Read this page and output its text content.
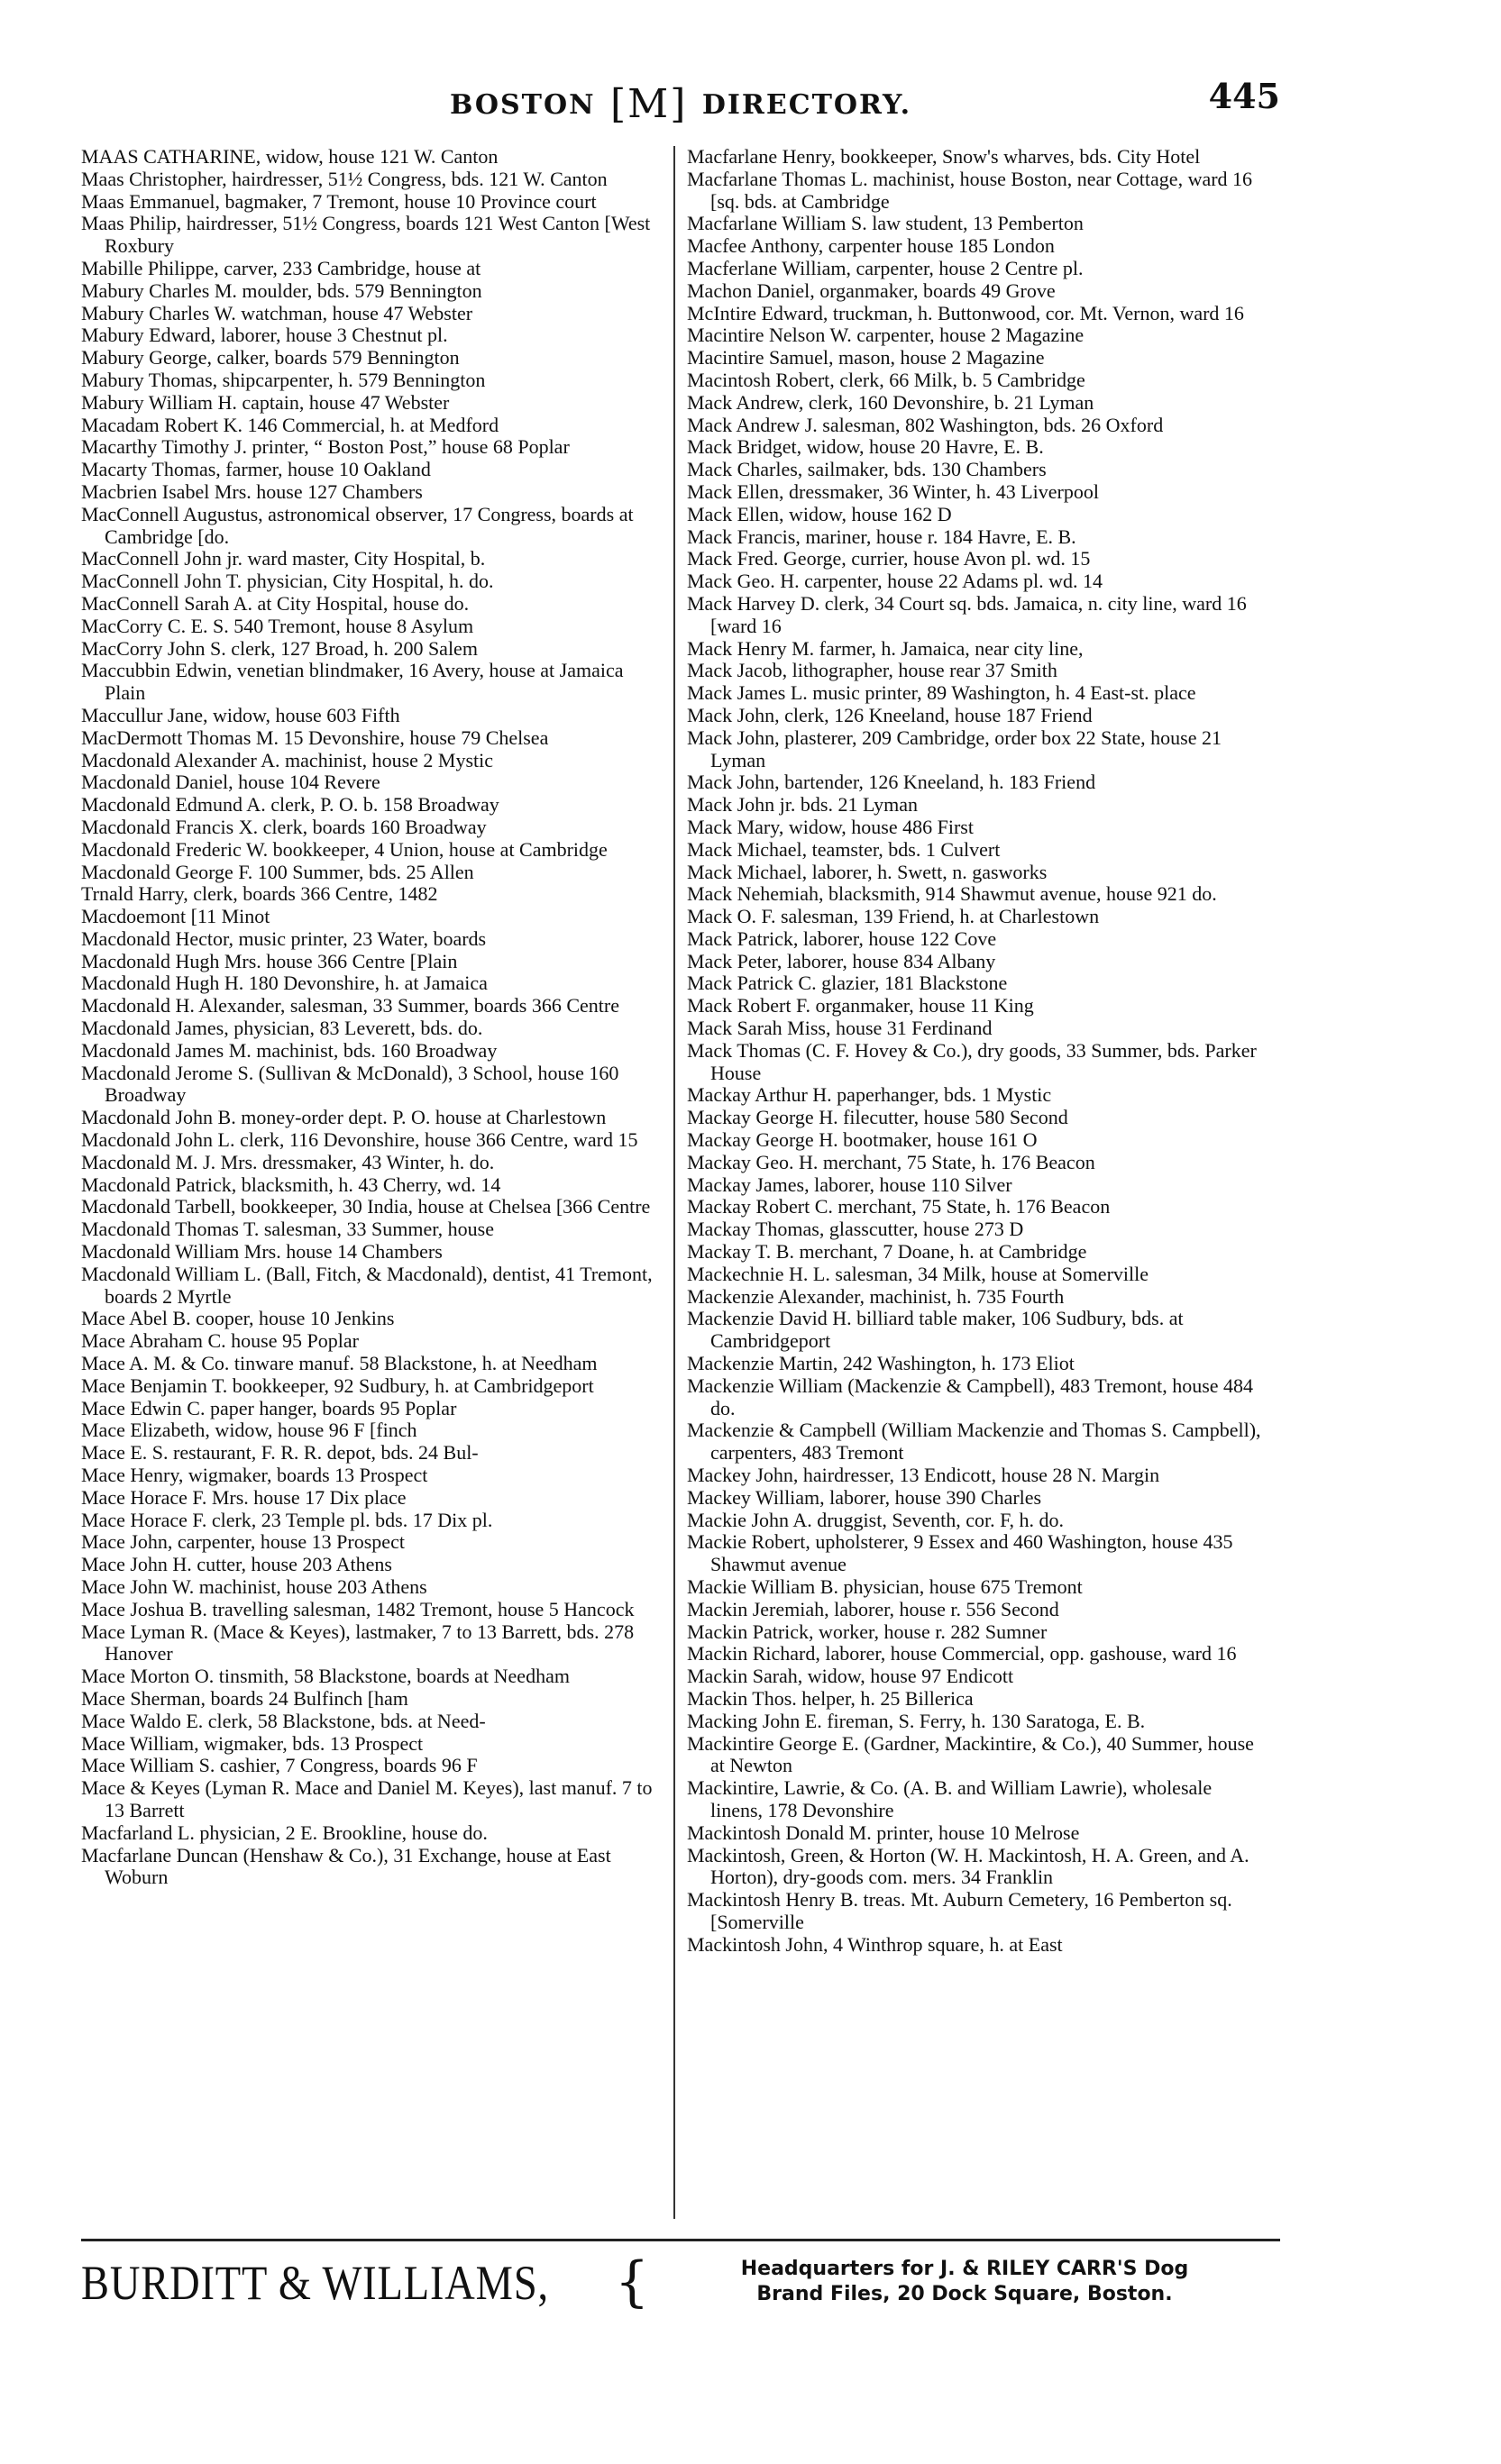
BOSTON [M] DIRECTORY.	445

MAAS CATHARINE, widow, house 121 W. Canton

Maas Christopher, hairdresser, 51½ Congress, bds. 121 W. Canton

Maas Emmanuel, bagmaker, 7 Tremont, house 10 Province court

Maas Philip, hairdresser, 51½ Congress, boards 121 West Canton [West Roxbury

Mabille Philippe, carver, 233 Cambridge, house at

Mabury Charles M. moulder, bds. 579 Bennington

Mabury Charles W. watchman, house 47 Webster

Mabury Edward, laborer, house 3 Chestnut pl.

Mabury George, calker, boards 579 Bennington

Mabury Thomas, shipcarpenter, h. 579 Bennington

Mabury William H. captain, house 47 Webster

Macadam Robert K. 146 Commercial, h. at Medford

Macarthy Timothy J. printer, “ Boston Post,” house 68 Poplar

Macarty Thomas, farmer, house 10 Oakland

Macbrien Isabel Mrs. house 127 Chambers

MacConnell Augustus, astronomical observer, 17 Congress, boards at Cambridge [do.

MacConnell John jr. ward master, City Hospital, b.

MacConnell John T. physician, City Hospital, h. do.

MacConnell Sarah A. at City Hospital, house do.

MacCorry C. E. S. 540 Tremont, house 8 Asylum

MacCorry John S. clerk, 127 Broad, h. 200 Salem

Maccubbin Edwin, venetian blindmaker, 16 Avery, house at Jamaica Plain

Maccullur Jane, widow, house 603 Fifth

MacDermott Thomas M. 15 Devonshire, house 79 Chelsea

Macdonald Alexander A. machinist, house 2 Mystic

Macdonald Daniel, house 104 Revere

Macdonald Edmund A. clerk, P. O. b. 158 Broadway

Macdonald Francis X. clerk, boards 160 Broadway

Macdonald Frederic W. bookkeeper, 4 Union, house at Cambridge

Macdonald George F. 100 Summer, bds. 25 Allen

Trnald Harry, clerk, boards 366 Centre, 1482

Macdoemont [11 Minot

Macdonald Hector, music printer, 23 Water, boards

Macdonald Hugh Mrs. house 366 Centre [Plain

Macdonald Hugh H. 180 Devonshire, h. at Jamaica

Macdonald H. Alexander, salesman, 33 Summer, boards 366 Centre

Macdonald James, physician, 83 Leverett, bds. do.

Macdonald James M. machinist, bds. 160 Broadway

Macdonald Jerome S. (Sullivan & McDonald), 3 School, house 160 Broadway

Macdonald John B. money-order dept. P. O. house at Charlestown

Macdonald John L. clerk, 116 Devonshire, house 366 Centre, ward 15

Macdonald M. J. Mrs. dressmaker, 43 Winter, h. do.

Macdonald Patrick, blacksmith, h. 43 Cherry, wd. 14

Macdonald Tarbell, bookkeeper, 30 India, house at Chelsea [366 Centre

Macdonald Thomas T. salesman, 33 Summer, house

Macdonald William Mrs. house 14 Chambers

Macdonald William L. (Ball, Fitch, & Macdonald), dentist, 41 Tremont, boards 2 Myrtle

Mace Abel B. cooper, house 10 Jenkins

Mace Abraham C. house 95 Poplar

Mace A. M. & Co. tinware manuf. 58 Blackstone, h. at Needham

Mace Benjamin T. bookkeeper, 92 Sudbury, h. at Cambridgeport

Mace Edwin C. paper hanger, boards 95 Poplar

Mace Elizabeth, widow, house 96 F [finch

Mace E. S. restaurant, F. R. R. depot, bds. 24 Bul-

Mace Henry, wigmaker, boards 13 Prospect

Mace Horace F. Mrs. house 17 Dix place

Mace Horace F. clerk, 23 Temple pl. bds. 17 Dix pl.

Mace John, carpenter, house 13 Prospect

Mace John H. cutter, house 203 Athens

Mace John W. machinist, house 203 Athens

Mace Joshua B. travelling salesman, 1482 Tremont, house 5 Hancock

Mace Lyman R. (Mace & Keyes), lastmaker, 7 to 13 Barrett, bds. 278 Hanover

Mace Morton O. tinsmith, 58 Blackstone, boards at Needham

Mace Sherman, boards 24 Bulfinch [ham

Mace Waldo E. clerk, 58 Blackstone, bds. at Need-

Mace William, wigmaker, bds. 13 Prospect

Mace William S. cashier, 7 Congress, boards 96 F

Mace & Keyes (Lyman R. Mace and Daniel M. Keyes), last manuf. 7 to 13 Barrett

Macfarland L. physician, 2 E. Brookline, house do.

Macfarlane Duncan (Henshaw & Co.), 31 Exchange, house at East Woburn

Macfarlane Henry, bookkeeper, Snow's wharves, bds. City Hotel

Macfarlane Thomas L. machinist, house Boston, near Cottage, ward 16 [sq. bds. at Cambridge

Macfarlane William S. law student, 13 Pemberton

Macfee Anthony, carpenter house 185 London

Macferlane William, carpenter, house 2 Centre pl.

Machon Daniel, organmaker, boards 49 Grove

McIntire Edward, truckman, h. Buttonwood, cor. Mt. Vernon, ward 16

Macintire Nelson W. carpenter, house 2 Magazine

Macintire Samuel, mason, house 2 Magazine

Macintosh Robert, clerk, 66 Milk, b. 5 Cambridge

Mack Andrew, clerk, 160 Devonshire, b. 21 Lyman

Mack Andrew J. salesman, 802 Washington, bds. 26 Oxford

Mack Bridget, widow, house 20 Havre, E. B.

Mack Charles, sailmaker, bds. 130 Chambers

Mack Ellen, dressmaker, 36 Winter, h. 43 Liverpool

Mack Ellen, widow, house 162 D

Mack Francis, mariner, house r. 184 Havre, E. B.

Mack Fred. George, currier, house Avon pl. wd. 15

Mack Geo. H. carpenter, house 22 Adams pl. wd. 14

Mack Harvey D. clerk, 34 Court sq. bds. Jamaica, n. city line, ward 16 [ward 16

Mack Henry M. farmer, h. Jamaica, near city line,

Mack Jacob, lithographer, house rear 37 Smith

Mack James L. music printer, 89 Washington, h. 4 East-st. place

Mack John, clerk, 126 Kneeland, house 187 Friend

Mack John, plasterer, 209 Cambridge, order box 22 State, house 21 Lyman

Mack John, bartender, 126 Kneeland, h. 183 Friend

Mack John jr. bds. 21 Lyman

Mack Mary, widow, house 486 First

Mack Michael, teamster, bds. 1 Culvert

Mack Michael, laborer, h. Swett, n. gasworks

Mack Nehemiah, blacksmith, 914 Shawmut avenue, house 921 do.

Mack O. F. salesman, 139 Friend, h. at Charlestown

Mack Patrick, laborer, house 122 Cove

Mack Peter, laborer, house 834 Albany

Mack Patrick C. glazier, 181 Blackstone

Mack Robert F. organmaker, house 11 King

Mack Sarah Miss, house 31 Ferdinand

Mack Thomas (C. F. Hovey & Co.), dry goods, 33 Summer, bds. Parker House

Mackay Arthur H. paperhanger, bds. 1 Mystic

Mackay George H. filecutter, house 580 Second

Mackay George H. bootmaker, house 161 O

Mackay Geo. H. merchant, 75 State, h. 176 Beacon

Mackay James, laborer, house 110 Silver

Mackay Robert C. merchant, 75 State, h. 176 Beacon

Mackay Thomas, glasscutter, house 273 D

Mackay T. B. merchant, 7 Doane, h. at Cambridge

Mackechnie H. L. salesman, 34 Milk, house at Somerville

Mackenzie Alexander, machinist, h. 735 Fourth

Mackenzie David H. billiard table maker, 106 Sudbury, bds. at Cambridgeport

Mackenzie Martin, 242 Washington, h. 173 Eliot

Mackenzie William (Mackenzie & Campbell), 483 Tremont, house 484 do.

Mackenzie & Campbell (William Mackenzie and Thomas S. Campbell), carpenters, 483 Tremont

Mackey John, hairdresser, 13 Endicott, house 28 N. Margin

Mackey William, laborer, house 390 Charles

Mackie John A. druggist, Seventh, cor. F, h. do.

Mackie Robert, upholsterer, 9 Essex and 460 Washington, house 435 Shawmut avenue

Mackie William B. physician, house 675 Tremont

Mackin Jeremiah, laborer, house r. 556 Second

Mackin Patrick, worker, house r. 282 Sumner

Mackin Richard, laborer, house Commercial, opp. gashouse, ward 16

Mackin Sarah, widow, house 97 Endicott

Mackin Thos. helper, h. 25 Billerica

Macking John E. fireman, S. Ferry, h. 130 Saratoga, E. B.

Mackintire George E. (Gardner, Mackintire, & Co.), 40 Summer, house at Newton

Mackintire, Lawrie, & Co. (A. B. and William Lawrie), wholesale linens, 178 Devonshire

Mackintosh Donald M. printer, house 10 Melrose

Mackintosh, Green, & Horton (W. H. Mackintosh, H. A. Green, and A. Horton), dry-goods com. mers. 34 Franklin

Mackintosh Henry B. treas. Mt. Auburn Cemetery, 16 Pemberton sq. [Somerville

Mackintosh John, 4 Winthrop square, h. at East

BURDITT & WILLIAMS, {	Headquarters for J. & RILEY CARR'S Dog
Brand Files, 20 Dock Square, Boston.
